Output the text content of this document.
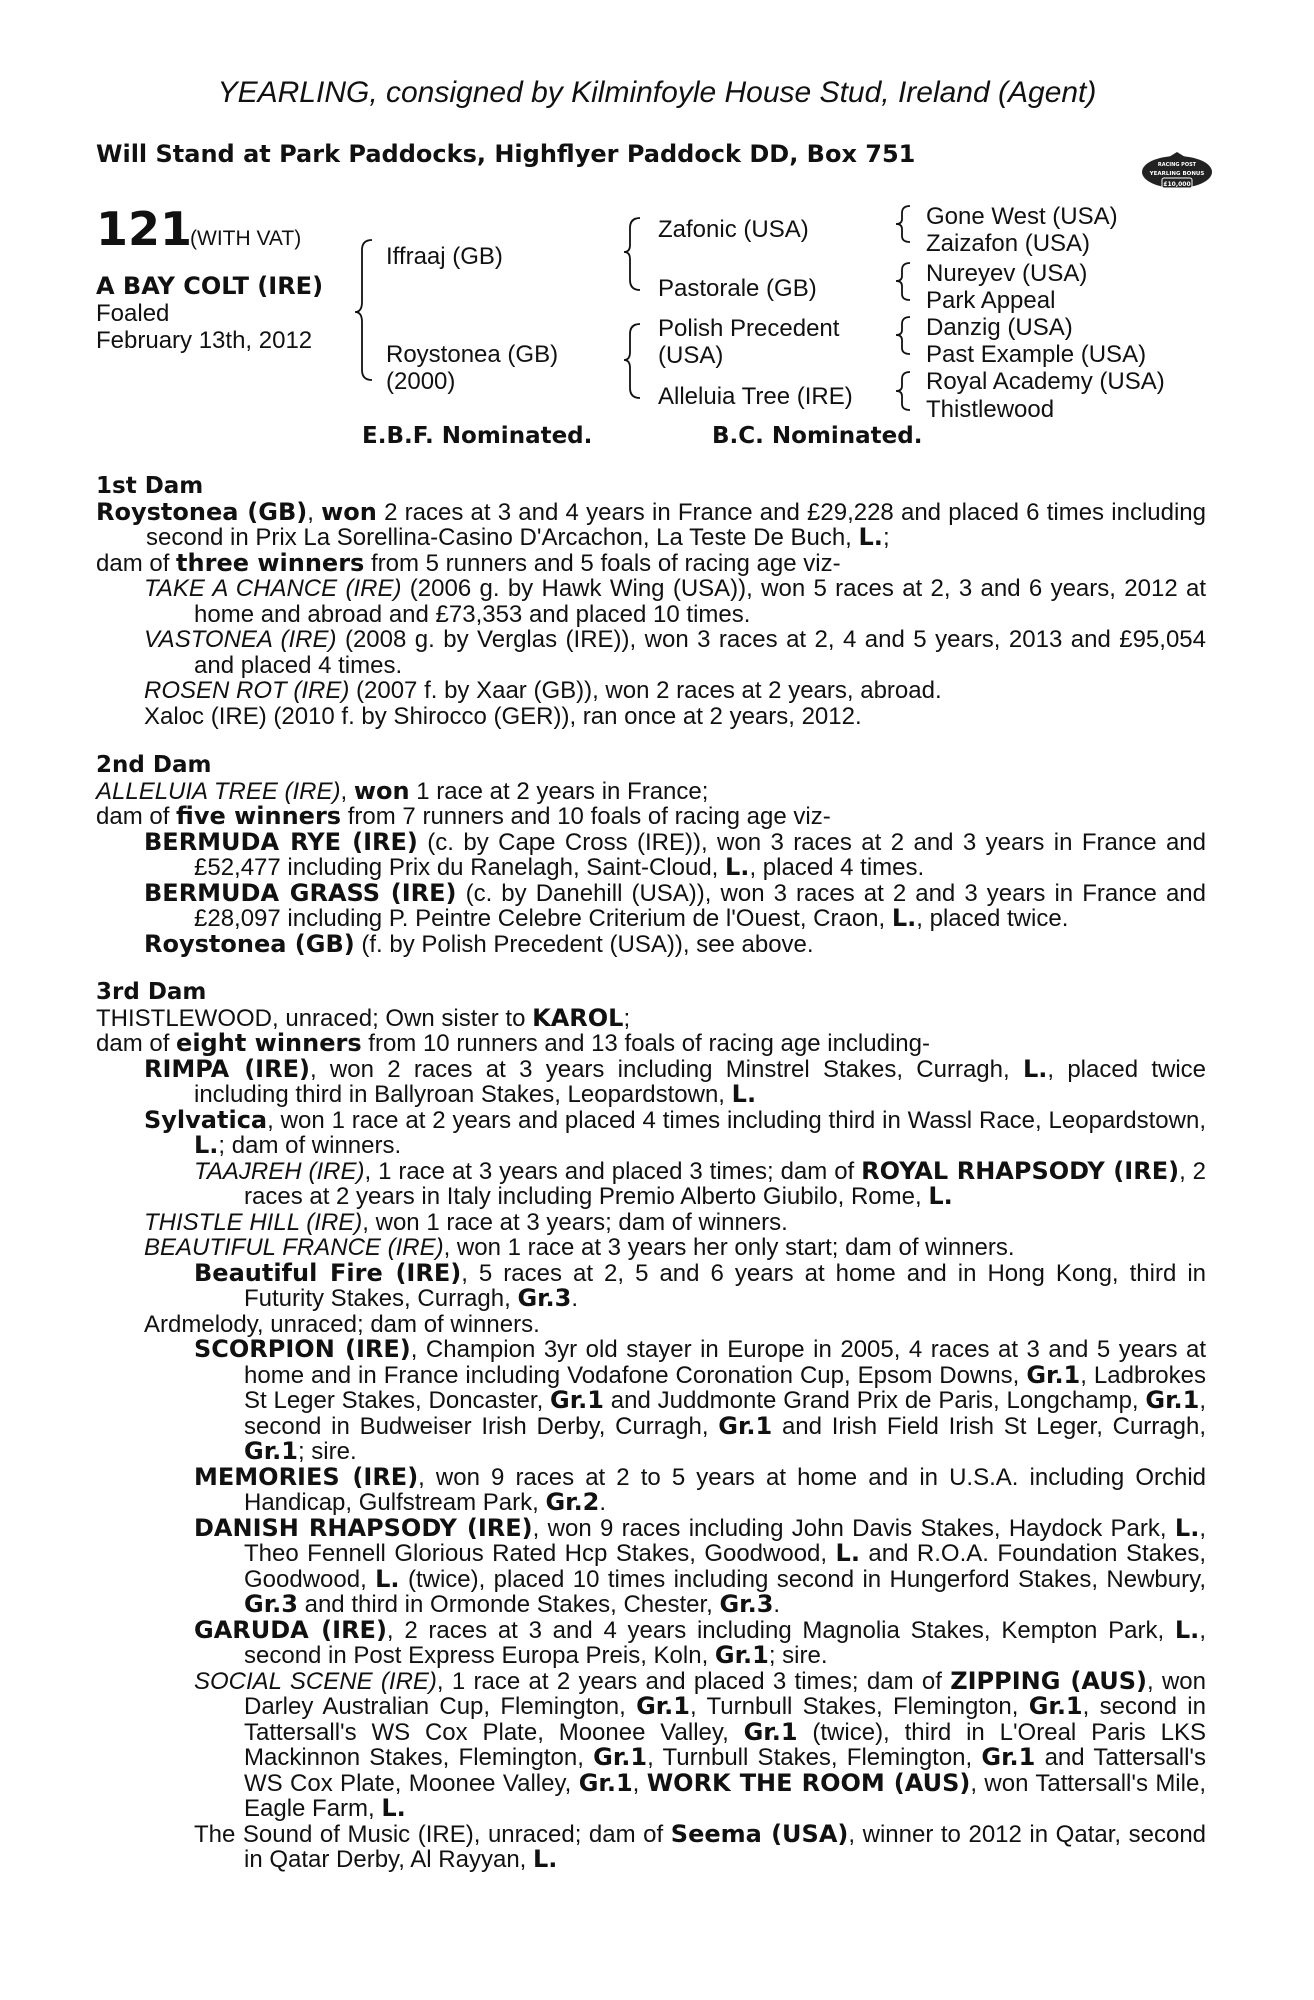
YEARLING, consigned by Kilminfoyle House Stud, Ireland (Agent)
Will Stand at Park Paddocks, Highflyer Paddock DD, Box 751	RACING POST
YEARLING BONUS
£10,000
121
(WITH VAT)
A BAY COLT (IRE)
Foaled
February 13th, 2012
Iffraaj (GB)
Roystonea (GB)
(2000)
Zafonic (USA)
Pastorale (GB)
Polish Precedent
(USA)
Alleluia Tree (IRE)
Gone West (USA)
Zaizafon (USA)
Nureyev (USA)
Park Appeal
Danzig (USA)
Past Example (USA)
Royal Academy (USA)
Thistlewood
E.B.F. Nominated.	B.C. Nominated.

1st Dam

Roystonea (GB), won 2 races at 3 and 4 years in France and £29,228 and placed 6 times including second in Prix La Sorellina-Casino D'Arcachon, La Teste De Buch, L.;

dam of three winners from 5 runners and 5 foals of racing age viz-

TAKE A CHANCE (IRE) (2006 g. by Hawk Wing (USA)), won 5 races at 2, 3 and 6 years, 2012 at home and abroad and £73,353 and placed 10 times.

VASTONEA (IRE) (2008 g. by Verglas (IRE)), won 3 races at 2, 4 and 5 years, 2013 and £95,054 and placed 4 times.

ROSEN ROT (IRE) (2007 f. by Xaar (GB)), won 2 races at 2 years, abroad.

Xaloc (IRE) (2010 f. by Shirocco (GER)), ran once at 2 years, 2012.

2nd Dam

ALLELUIA TREE (IRE), won 1 race at 2 years in France;

dam of five winners from 7 runners and 10 foals of racing age viz-

BERMUDA RYE (IRE) (c. by Cape Cross (IRE)), won 3 races at 2 and 3 years in France and £52,477 including Prix du Ranelagh, Saint-Cloud, L., placed 4 times.

BERMUDA GRASS (IRE) (c. by Danehill (USA)), won 3 races at 2 and 3 years in France and £28,097 including P. Peintre Celebre Criterium de l'Ouest, Craon, L., placed twice.

Roystonea (GB) (f. by Polish Precedent (USA)), see above.

3rd Dam

THISTLEWOOD, unraced; Own sister to KAROL;

dam of eight winners from 10 runners and 13 foals of racing age including-

RIMPA (IRE), won 2 races at 3 years including Minstrel Stakes, Curragh, L., placed twice including third in Ballyroan Stakes, Leopardstown, L.

Sylvatica, won 1 race at 2 years and placed 4 times including third in Wassl Race, Leopardstown, L.; dam of winners.

TAAJREH (IRE), 1 race at 3 years and placed 3 times; dam of ROYAL RHAPSODY (IRE), 2 races at 2 years in Italy including Premio Alberto Giubilo, Rome, L.

THISTLE HILL (IRE), won 1 race at 3 years; dam of winners.

BEAUTIFUL FRANCE (IRE), won 1 race at 3 years her only start; dam of winners.

Beautiful Fire (IRE), 5 races at 2, 5 and 6 years at home and in Hong Kong, third in Futurity Stakes, Curragh, Gr.3.

Ardmelody, unraced; dam of winners.

SCORPION (IRE), Champion 3yr old stayer in Europe in 2005, 4 races at 3 and 5 years at home and in France including Vodafone Coronation Cup, Epsom Downs, Gr.1, Ladbrokes St Leger Stakes, Doncaster, Gr.1 and Juddmonte Grand Prix de Paris, Longchamp, Gr.1, second in Budweiser Irish Derby, Curragh, Gr.1 and Irish Field Irish St Leger, Curragh, Gr.1; sire.

MEMORIES (IRE), won 9 races at 2 to 5 years at home and in U.S.A. including Orchid Handicap, Gulfstream Park, Gr.2.

DANISH RHAPSODY (IRE), won 9 races including John Davis Stakes, Haydock Park, L., Theo Fennell Glorious Rated Hcp Stakes, Goodwood, L. and R.O.A. Foundation Stakes, Goodwood, L. (twice), placed 10 times including second in Hungerford Stakes, Newbury, Gr.3 and third in Ormonde Stakes, Chester, Gr.3.

GARUDA (IRE), 2 races at 3 and 4 years including Magnolia Stakes, Kempton Park, L., second in Post Express Europa Preis, Koln, Gr.1; sire.

SOCIAL SCENE (IRE), 1 race at 2 years and placed 3 times; dam of ZIPPING (AUS), won Darley Australian Cup, Flemington, Gr.1, Turnbull Stakes, Flemington, Gr.1, second in Tattersall's WS Cox Plate, Moonee Valley, Gr.1 (twice), third in L'Oreal Paris LKS Mackinnon Stakes, Flemington, Gr.1, Turnbull Stakes, Flemington, Gr.1 and Tattersall's WS Cox Plate, Moonee Valley, Gr.1, WORK THE ROOM (AUS), won Tattersall's Mile, Eagle Farm, L.

The Sound of Music (IRE), unraced; dam of Seema (USA), winner to 2012 in Qatar, second in Qatar Derby, Al Rayyan, L.
